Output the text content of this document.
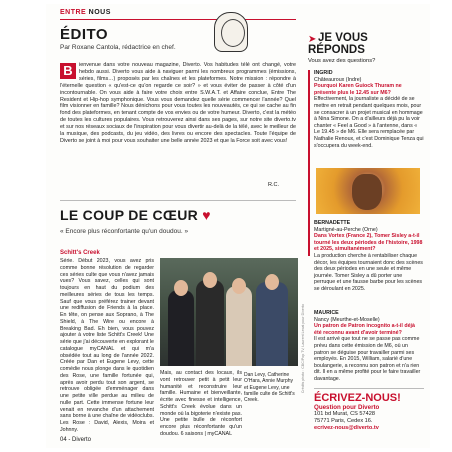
ENTRE NOUS
ÉDITO
Par Roxane Cantola, rédactrice en chef.
B	ienvenue dans votre nouveau magazine, Diverto. Vos habitudes télé ont changé, votre hebdo aussi. Diverto vous aide à naviguer parmi les nombreux programmes (émissions, séries, films…) proposés par les chaînes et les plateformes. Notre mission : répondre à l'éternelle question « qu'est-ce qu'on regarde ce soir? » et vous éviter de passer à côté d'un incontournable. On vous aide à faire votre choix entre S.W.A.T. et Affaire conclue, Entre The Resident et Hip-hop symphonique. Vous vous demandez quelle série commencer l'année? Quel film visionner en famille? Nous dénichons pour vous toutes les nouveautés, ce qui se cache au fin fond des plateformes, en tenant compte de vos envies ou de votre humeur. Diverto, c'est la météo de toutes les cultures populaires. Vous retrouverez ainsi dans ses pages, sur notre site diverto.tv et sur nos réseaux sociaux de l'inspiration pour vous divertir au-delà de la télé, avec le meilleur de la musique, des podcasts, du jeu vidéo, des livres ou encore des spectacles. Toute l'équipe de Diverto se joint à moi pour vous souhaiter une belle année 2023 et que la Force soit avec vous!
R.C.
LE COUP DE CŒUR ♥
« Encore plus réconfortante qu'un doudou. »
Schitt's Creek
Série. Début 2023, vous avez pris comme bonne résolution de regarder ces séries culte que vous n'avez jamais vues? Vous savez, celles qui sont toujours en haut du podium des meilleures séries de tous les temps. Sauf que vous préférez trainer devant une rediffusion de Friends à la place. En tête, on pense aux Soprano, à The Shield, à The Wire ou encore à Breaking Bad. Eh bien, vous pouvez ajouter à votre liste Schitt's Creek! Une série que j'ai découverte en explorant le catalogue myCANAL et qui m'a obsédée tout au long de l'année 2022. Créée par Dan et Eugene Levy, cette comédie nous plonge dans le quotidien des Rose, une famille fortunée qui, après avoir perdu tout son argent, se retrouve obligée d'emménager dans une petite ville perdue au milieu de nulle part. Cette immense fortune leur venait en revanche d'un attachement sans borne à une chaîne de vidéoclubs. Les Rose : David, Alexis, Moira et Johnny.
Mais, au contact des locaux, ils vont retrouver petit à petit leur humanité et reconstruire leur famille. Humaine et bienveillante, écrite avec finesse et intelligence, Schitt's Creek évolue dans un monde où la bigoterie n'existe pas. Une petite bulle de réconfort encore plus réconfortante qu'un doudou. 6 saisons | myCANAL
Dan Levy, Catherine O'Hara, Annie Murphy et Eugene Levy, une famille culte de Schitt's Creek.
04 - Diverto
Crédits photo : CBC/Pop TV, Laurent Lecat pour Diverto
➤ JE VOUS RÉPONDS
Vous avez des questions?
INGRID
Châteauroux (Indre)
Pourquoi Karen Guiock Thuram ne présente plus le 12.45 sur M6?
Effectivement, la journaliste a décidé de se mettre en retrait pendant quelques mois, pour se consacrer à un projet musical en hommage à Nina Simone. On a d'ailleurs déjà pu la voir chanter « Feel a Good » à l'antenne, dans « Le 19.45 » de M6. Elle sera remplacée par Nathalie Renoux, et c'est Dominique Tenza qui s'occupera du week-end.
BERNADETTE
Martigné-au-Perche (Orne)
Dans Vortex (France 2), Tomer Sisley a-t-il tourné les deux périodes de l'histoire, 1998 et 2025, simultanément?
La production cherche à rentabiliser chaque décor, les équipes tournaient donc des scènes des deux périodes en une seule et même journée. Tomer Sisley a dû porter une perruque et une fausse barbe pour les scènes se déroulant en 2025.
MAURICE
Nancy (Meurthe-et-Moselle)
Un patron de Patron incognito a-t-il déjà été reconnu avant d'avoir terminé?
Il est arrivé que tout ne se passe pas comme prévu dans cette émission de M6, où un patron se déguise pour travailler parmi ses employés. En 2015, William, salarié d'une boulangerie, a reconnu son patron et n'a rien dit. Il en a même profité pour le faire travailler davantage.
ÉCRIVEZ-NOUS!
Question pour Diverto
101 bd Murat, CS 57428
75771 Paris, Cedex 16.
ecrivez-nous@diverto.tv
